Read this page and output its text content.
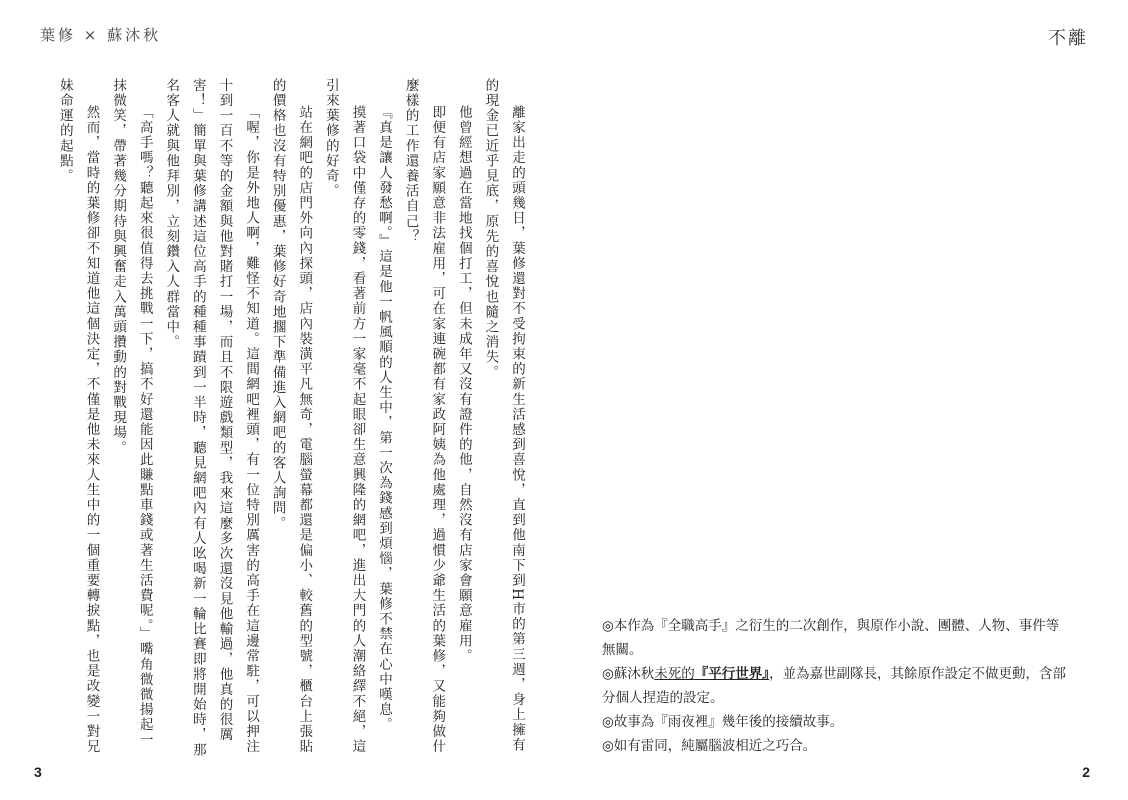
葉修 × 蘇沐秋	不離

離家出走的頭幾日，葉修還對不受拘束的新生活感到喜悅，直到他南下到H市的第三週，身上擁有的現金已近乎見底，原先的喜悅也隨之消失。

他曾經想過在當地找個打工，但未成年又沒有證件的他，自然沒有店家會願意雇用。

即便有店家願意非法雇用，可在家連碗都有家政阿姨為他處理，過慣少爺生活的葉修，又能夠做什麼樣的工作還養活自己？

『真是讓人發愁啊。』這是他一帆風順的人生中，第一次為錢感到煩惱，葉修不禁在心中嘆息。

摸著口袋中僅存的零錢，看著前方一家毫不起眼卻生意興隆的網吧，進出大門的人潮絡繹不絕，這引來葉修的好奇。

站在網吧的店門外向內探頭，店內裝潢平凡無奇，電腦螢幕都還是偏小、較舊的型號，櫃台上張貼的價格也沒有特別優惠，葉修好奇地擱下準備進入網吧的客人詢問。

「喔，你是外地人啊，難怪不知道。這間網吧裡頭，有一位特別厲害的高手在這邊常駐，可以押注十到一百不等的金額與他對賭打一場，而且不限遊戲類型，我來這麼多次還沒見他輸過，他真的很厲害！」簡單與葉修講述這位高手的種種事蹟到一半時，聽見網吧內有人吆喝新一輪比賽即將開始時，那名客人就與他拜別，立刻鑽入人群當中。

「高手嗎？聽起來很值得去挑戰一下，搞不好還能因此賺點車錢或著生活費呢。」嘴角微微揚起一抹微笑，帶著幾分期待與興奮走入萬頭攢動的對戰現場。

然而，當時的葉修卻不知道他這個決定，不僅是他未來人生中的一個重要轉捩點，也是改變一對兄妹命運的起點。

◎本作為『全職高手』之衍生的二次創作，與原作小說、團體、人物、事件等無關。

◎蘇沐秋未死的『平行世界』，並為嘉世副隊長，其餘原作設定不做更動，含部分個人捏造的設定。

◎故事為『雨夜裡』幾年後的接續故事。

◎如有雷同，純屬腦波相近之巧合。

3	2
